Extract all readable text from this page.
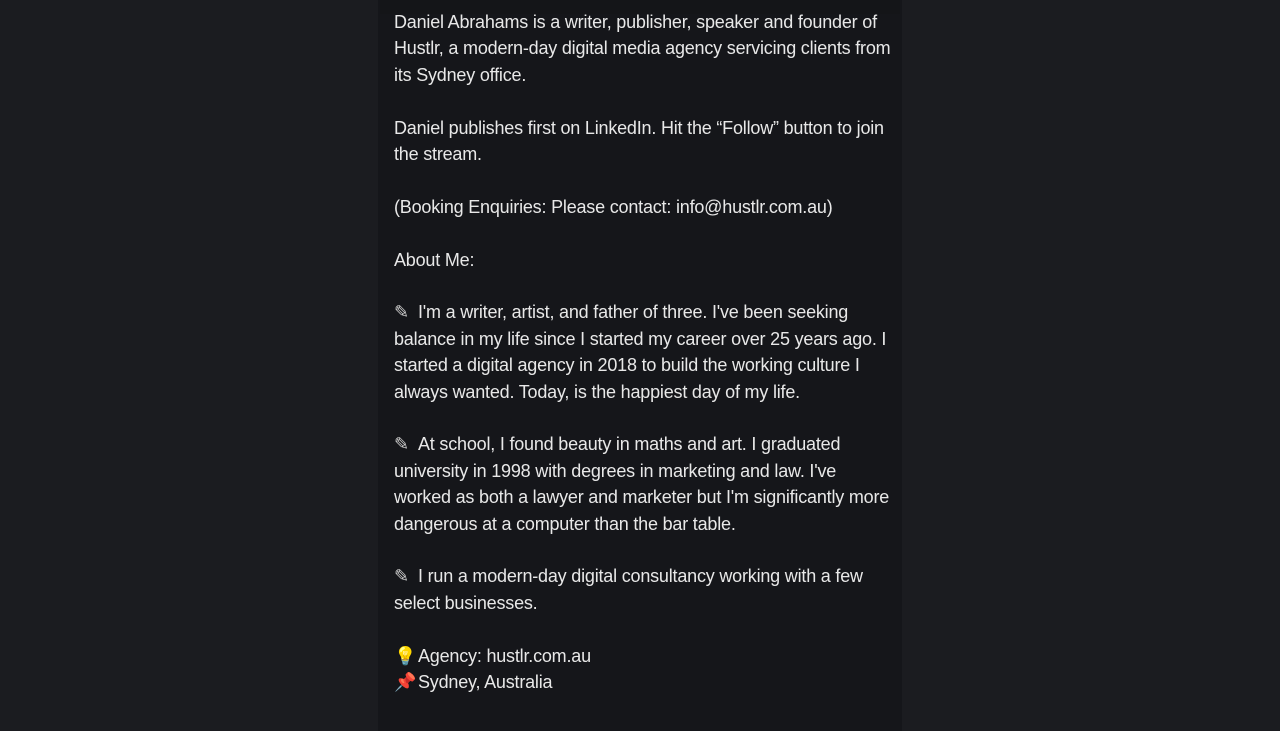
Daniel Abrahams is a writer, publisher, speaker and founder of Hustlr, a modern-day digital media agency servicing clients from its Sydney office.

Daniel publishes first on LinkedIn. Hit the “Follow” button to join the stream.

(Booking Enquiries: Please contact: info@hustlr.com.au)

About Me:

✎ I'm a writer, artist, and father of three. I've been seeking balance in my life since I started my career over 25 years ago. I started a digital agency in 2018 to build the working culture I always wanted. Today, is the happiest day of my life.

✎ At school, I found beauty in maths and art. I graduated university in 1998 with degrees in marketing and law. I've worked as both a lawyer and marketer but I'm significantly more dangerous at a computer than the bar table.

✎ I run a modern-day digital consultancy working with a few select businesses.

💡Agency: hustlr.com.au

📌Sydney, Australia
